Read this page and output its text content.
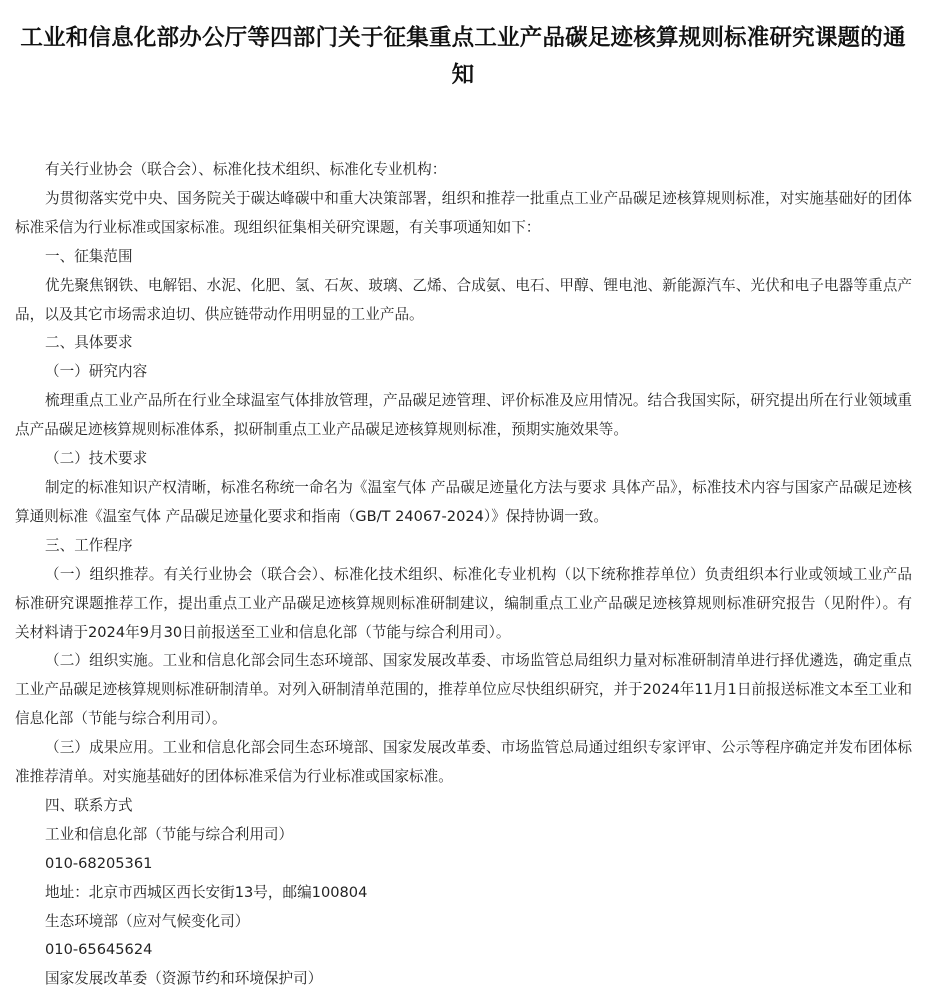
工业和信息化部办公厅等四部门关于征集重点工业产品碳足迹核算规则标准研究课题的通知

有关行业协会（联合会）、标准化技术组织、标准化专业机构：

为贯彻落实党中央、国务院关于碳达峰碳中和重大决策部署，组织和推荐一批重点工业产品碳足迹核算规则标准，对实施基础好的团体标准采信为行业标准或国家标准。现组织征集相关研究课题，有关事项通知如下：

一、征集范围

优先聚焦钢铁、电解铝、水泥、化肥、氢、石灰、玻璃、乙烯、合成氨、电石、甲醇、锂电池、新能源汽车、光伏和电子电器等重点产品，以及其它市场需求迫切、供应链带动作用明显的工业产品。

二、具体要求

（一）研究内容

梳理重点工业产品所在行业全球温室气体排放管理，产品碳足迹管理、评价标准及应用情况。结合我国实际，研究提出所在行业领域重点产品碳足迹核算规则标准体系，拟研制重点工业产品碳足迹核算规则标准，预期实施效果等。

（二）技术要求

制定的标准知识产权清晰，标准名称统一命名为《温室气体 产品碳足迹量化方法与要求 具体产品》，标准技术内容与国家产品碳足迹核算通则标准《温室气体 产品碳足迹量化要求和指南（GB/T 24067-2024）》保持协调一致。

三、工作程序

（一）组织推荐。有关行业协会（联合会）、标准化技术组织、标准化专业机构（以下统称推荐单位）负责组织本行业或领域工业产品标准研究课题推荐工作，提出重点工业产品碳足迹核算规则标准研制建议，编制重点工业产品碳足迹核算规则标准研究报告（见附件）。有关材料请于2024年9月30日前报送至工业和信息化部（节能与综合利用司）。

（二）组织实施。工业和信息化部会同生态环境部、国家发展改革委、市场监管总局组织力量对标准研制清单进行择优遴选，确定重点工业产品碳足迹核算规则标准研制清单。对列入研制清单范围的，推荐单位应尽快组织研究，并于2024年11月1日前报送标准文本至工业和信息化部（节能与综合利用司）。

（三）成果应用。工业和信息化部会同生态环境部、国家发展改革委、市场监管总局通过组织专家评审、公示等程序确定并发布团体标准推荐清单。对实施基础好的团体标准采信为行业标准或国家标准。

四、联系方式

工业和信息化部（节能与综合利用司）

010-68205361

地址：北京市西城区西长安街13号，邮编100804

生态环境部（应对气候变化司）

010-65645624

国家发展改革委（资源节约和环境保护司）
